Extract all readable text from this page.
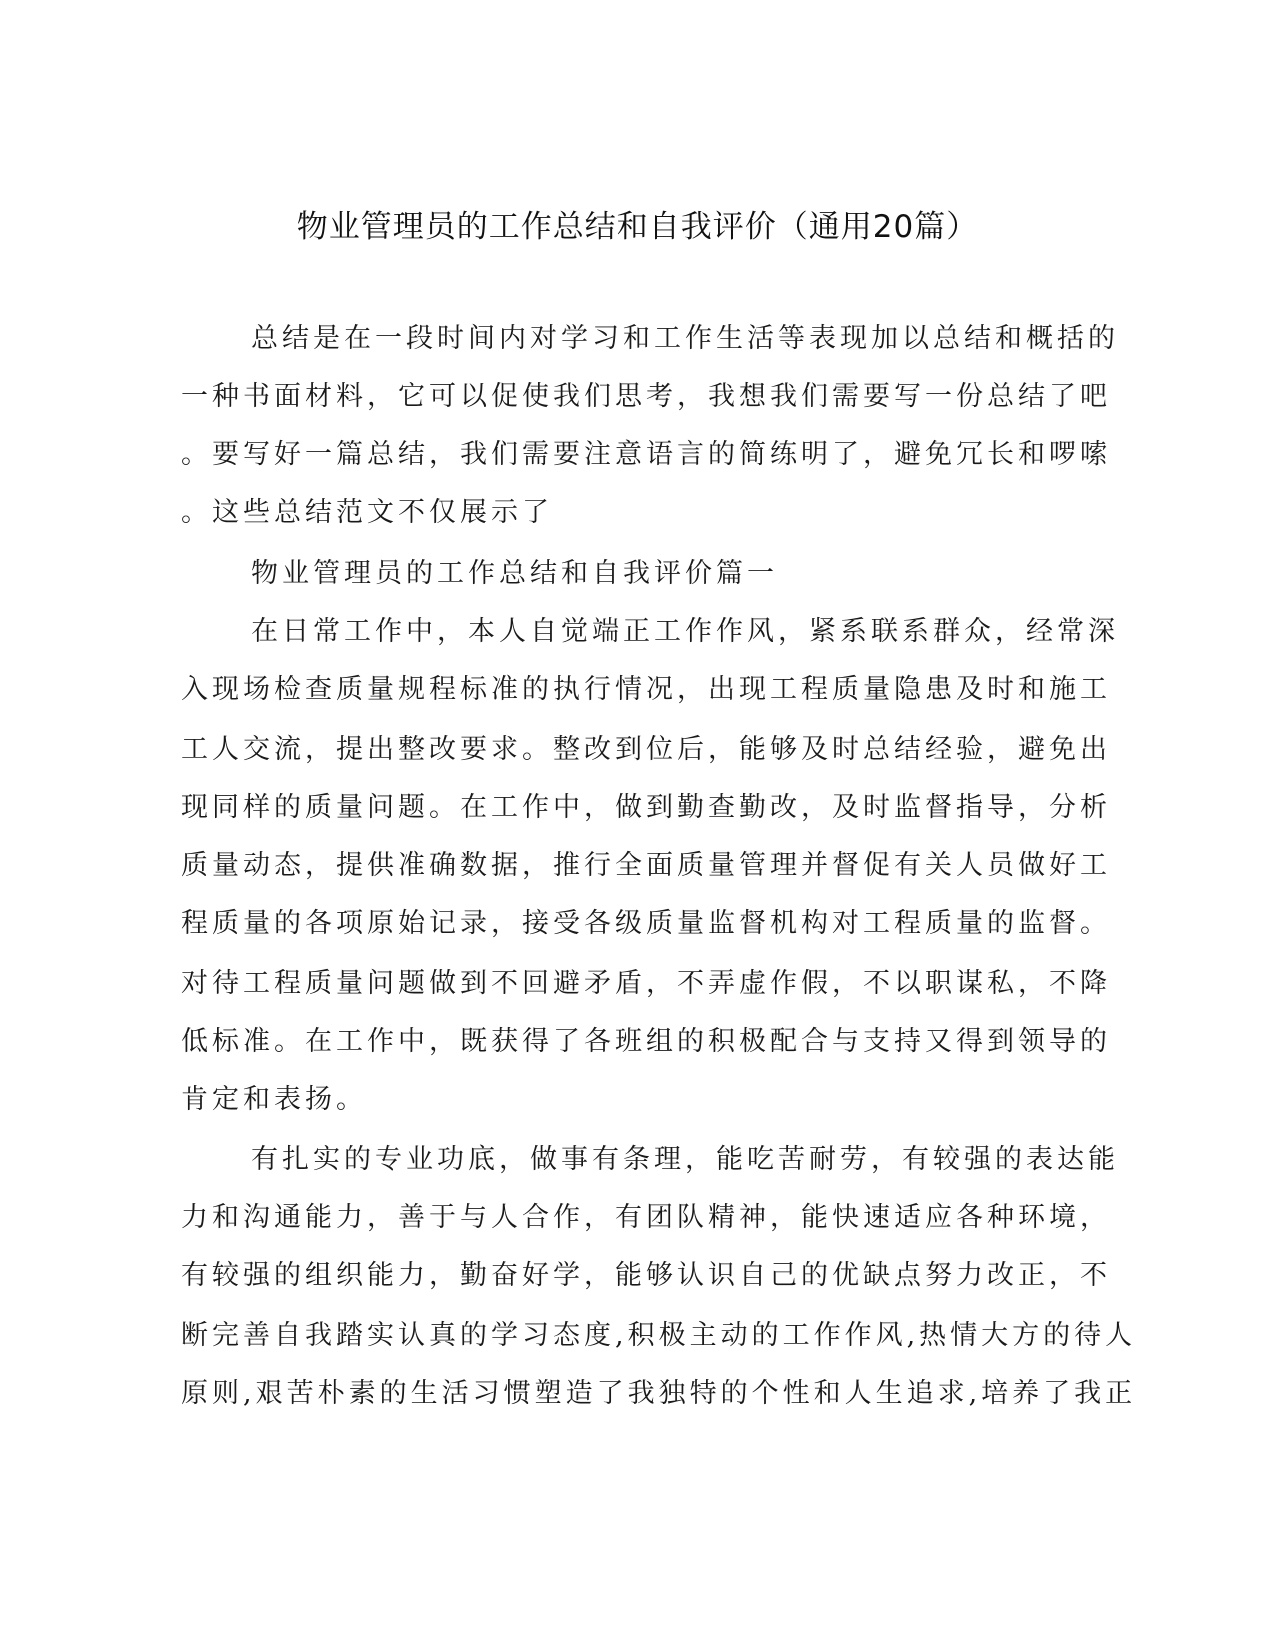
物业管理员的工作总结和自我评价（通用20篇）
总结是在一段时间内对学习和工作生活等表现加以总结和概括的
一种书面材料，它可以促使我们思考，我想我们需要写一份总结了吧
。要写好一篇总结，我们需要注意语言的简练明了，避免冗长和啰嗦
。这些总结范文不仅展示了
物业管理员的工作总结和自我评价篇一
在日常工作中，本人自觉端正工作作风，紧系联系群众，经常深
入现场检查质量规程标准的执行情况，出现工程质量隐患及时和施工
工人交流，提出整改要求。整改到位后，能够及时总结经验，避免出
现同样的质量问题。在工作中，做到勤查勤改，及时监督指导，分析
质量动态，提供准确数据，推行全面质量管理并督促有关人员做好工
程质量的各项原始记录，接受各级质量监督机构对工程质量的监督。
对待工程质量问题做到不回避矛盾，不弄虚作假，不以职谋私，不降
低标准。在工作中，既获得了各班组的积极配合与支持又得到领导的
肯定和表扬。
有扎实的专业功底，做事有条理，能吃苦耐劳，有较强的表达能
力和沟通能力，善于与人合作，有团队精神，能快速适应各种环境，
有较强的组织能力，勤奋好学，能够认识自己的优缺点努力改正，不
断完善自我踏实认真的学习态度,积极主动的工作作风,热情大方的待人
原则,艰苦朴素的生活习惯塑造了我独特的个性和人生追求,培养了我正
